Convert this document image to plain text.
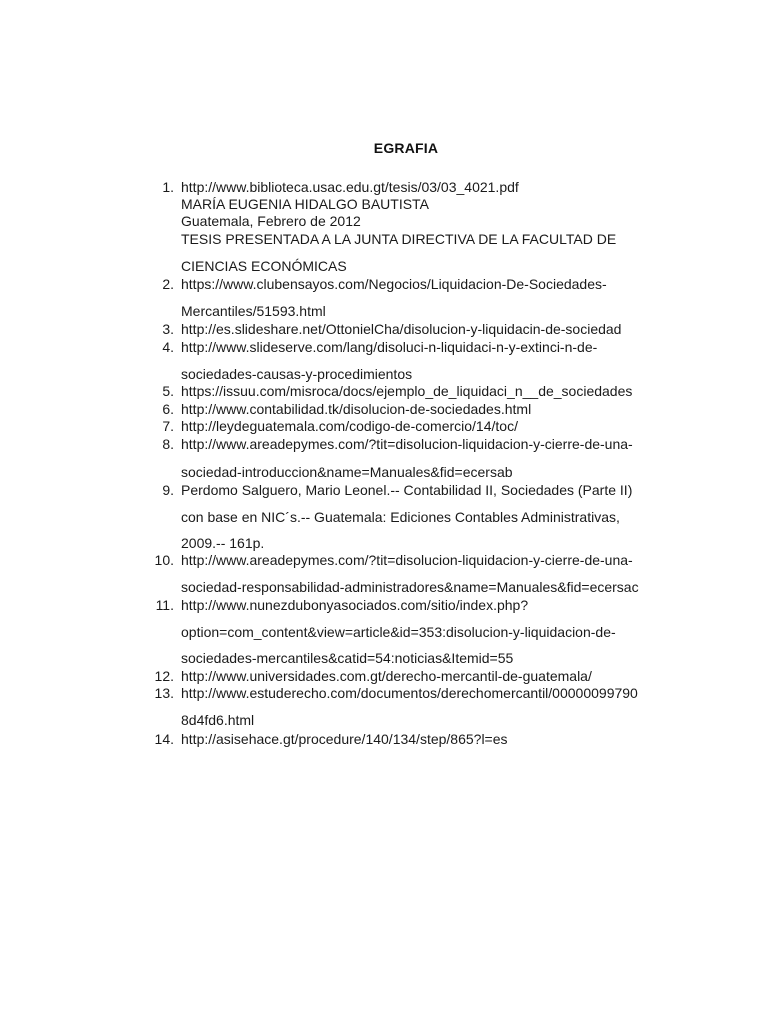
EGRAFIA
1.
2.
3.
4.
5.
6.
7.
8.
9.
10.
11.
12.
13.
14.
http://www.biblioteca.usac.edu.gt/tesis/03/03_4021.pdf
MARÍA EUGENIA HIDALGO BAUTISTA
Guatemala, Febrero de 2012
TESIS PRESENTADA A LA JUNTA DIRECTIVA DE LA FACULTAD DE
CIENCIAS ECONÓMICAS
https://www.clubensayos.com/Negocios/Liquidacion-De-Sociedades-
Mercantiles/51593.html
http://es.slideshare.net/OttonielCha/disolucion-y-liquidacin-de-sociedad
http://www.slideserve.com/lang/disoluci-n-liquidaci-n-y-extinci-n-de-
sociedades-causas-y-procedimientos
https://issuu.com/misroca/docs/ejemplo_de_liquidaci_n__de_sociedades
http://www.contabilidad.tk/disolucion-de-sociedades.html
http://leydeguatemala.com/codigo-de-comercio/14/toc/
http://www.areadepymes.com/?tit=disolucion-liquidacion-y-cierre-de-una-
sociedad-introduccion&name=Manuales&fid=ecersab
Perdomo Salguero, Mario Leonel.-- Contabilidad II, Sociedades (Parte II)
con base en NIC´s.-- Guatemala: Ediciones Contables Administrativas,
2009.-- 161p.
http://www.areadepymes.com/?tit=disolucion-liquidacion-y-cierre-de-una-
sociedad-responsabilidad-administradores&name=Manuales&fid=ecersac
http://www.nunezdubonyasociados.com/sitio/index.php?
option=com_content&view=article&id=353:disolucion-y-liquidacion-de-
sociedades-mercantiles&catid=54:noticias&Itemid=55
http://www.universidades.com.gt/derecho-mercantil-de-guatemala/
http://www.estuderecho.com/documentos/derechomercantil/00000099790
8d4fd6.html
http://asisehace.gt/procedure/140/134/step/865?l=es
